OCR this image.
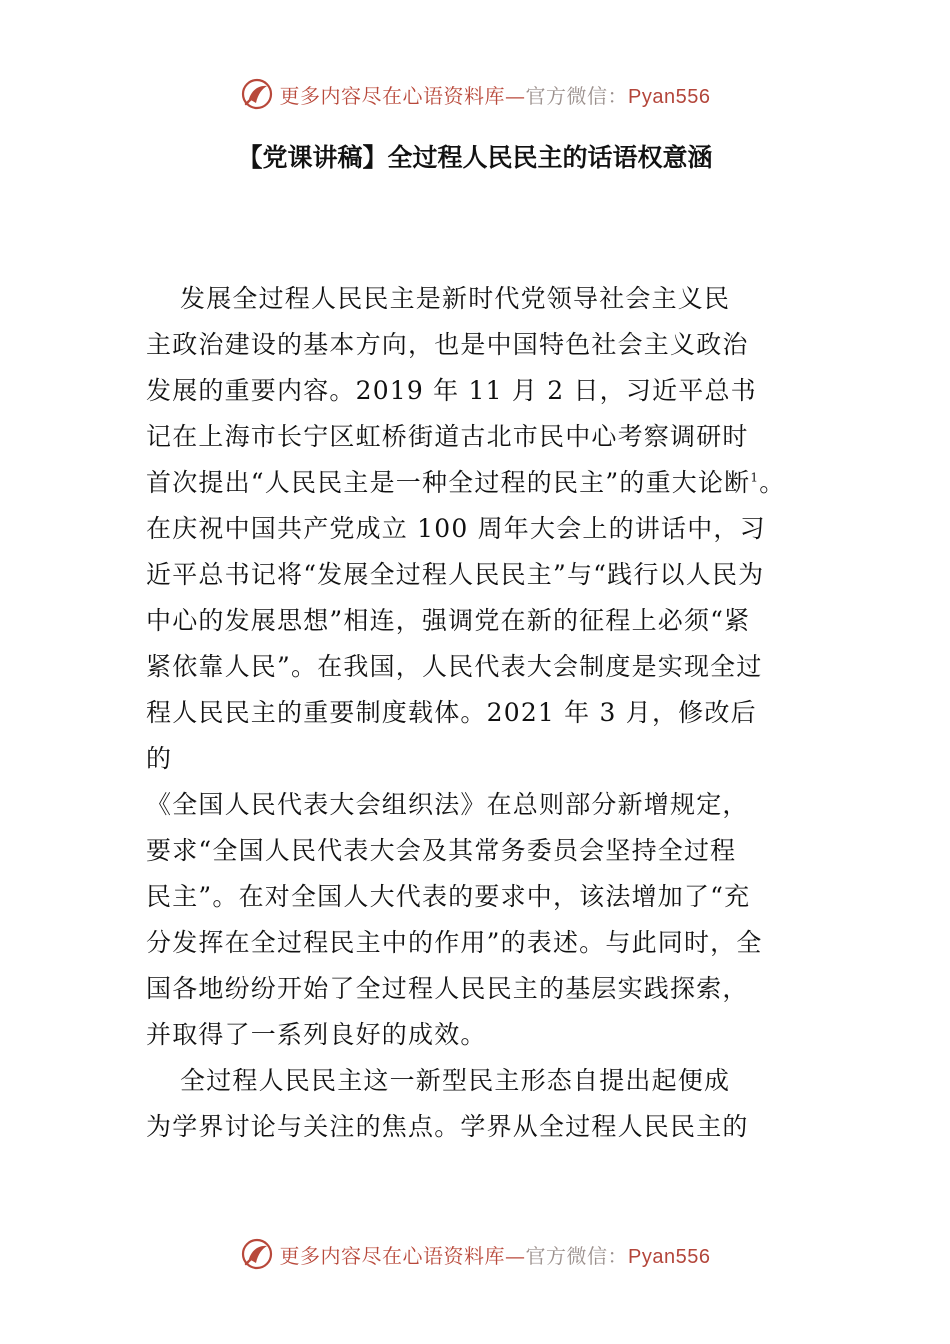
更多内容尽在心语资料库—官方微信：Pyan556
【党课讲稿】全过程人民民主的话语权意涵
发展全过程人民民主是新时代党领导社会主义民
主政治建设的基本方向，也是中国特色社会主义政治
发展的重要内容。2019 年 11 月 2 日，习近平总书
记在上海市长宁区虹桥街道古北市民中心考察调研时
首次提出“人民民主是一种全过程的民主”的重大论断$^1$。
在庆祝中国共产党成立 100 周年大会上的讲话中，习
近平总书记将“发展全过程人民民主”与“践行以人民为
中心的发展思想”相连，强调党在新的征程上必须“紧
紧依靠人民”。在我国，人民代表大会制度是实现全过
程人民民主的重要制度载体。2021 年 3 月，修改后
的
《全国人民代表大会组织法》在总则部分新增规定，
要求“全国人民代表大会及其常务委员会坚持全过程
民主”。在对全国人大代表的要求中，该法增加了“充
分发挥在全过程民主中的作用”的表述。与此同时，全
国各地纷纷开始了全过程人民民主的基层实践探索，
并取得了一系列良好的成效。
全过程人民民主这一新型民主形态自提出起便成
为学界讨论与关注的焦点。学界从全过程人民民主的
更多内容尽在心语资料库—官方微信：Pyan556
